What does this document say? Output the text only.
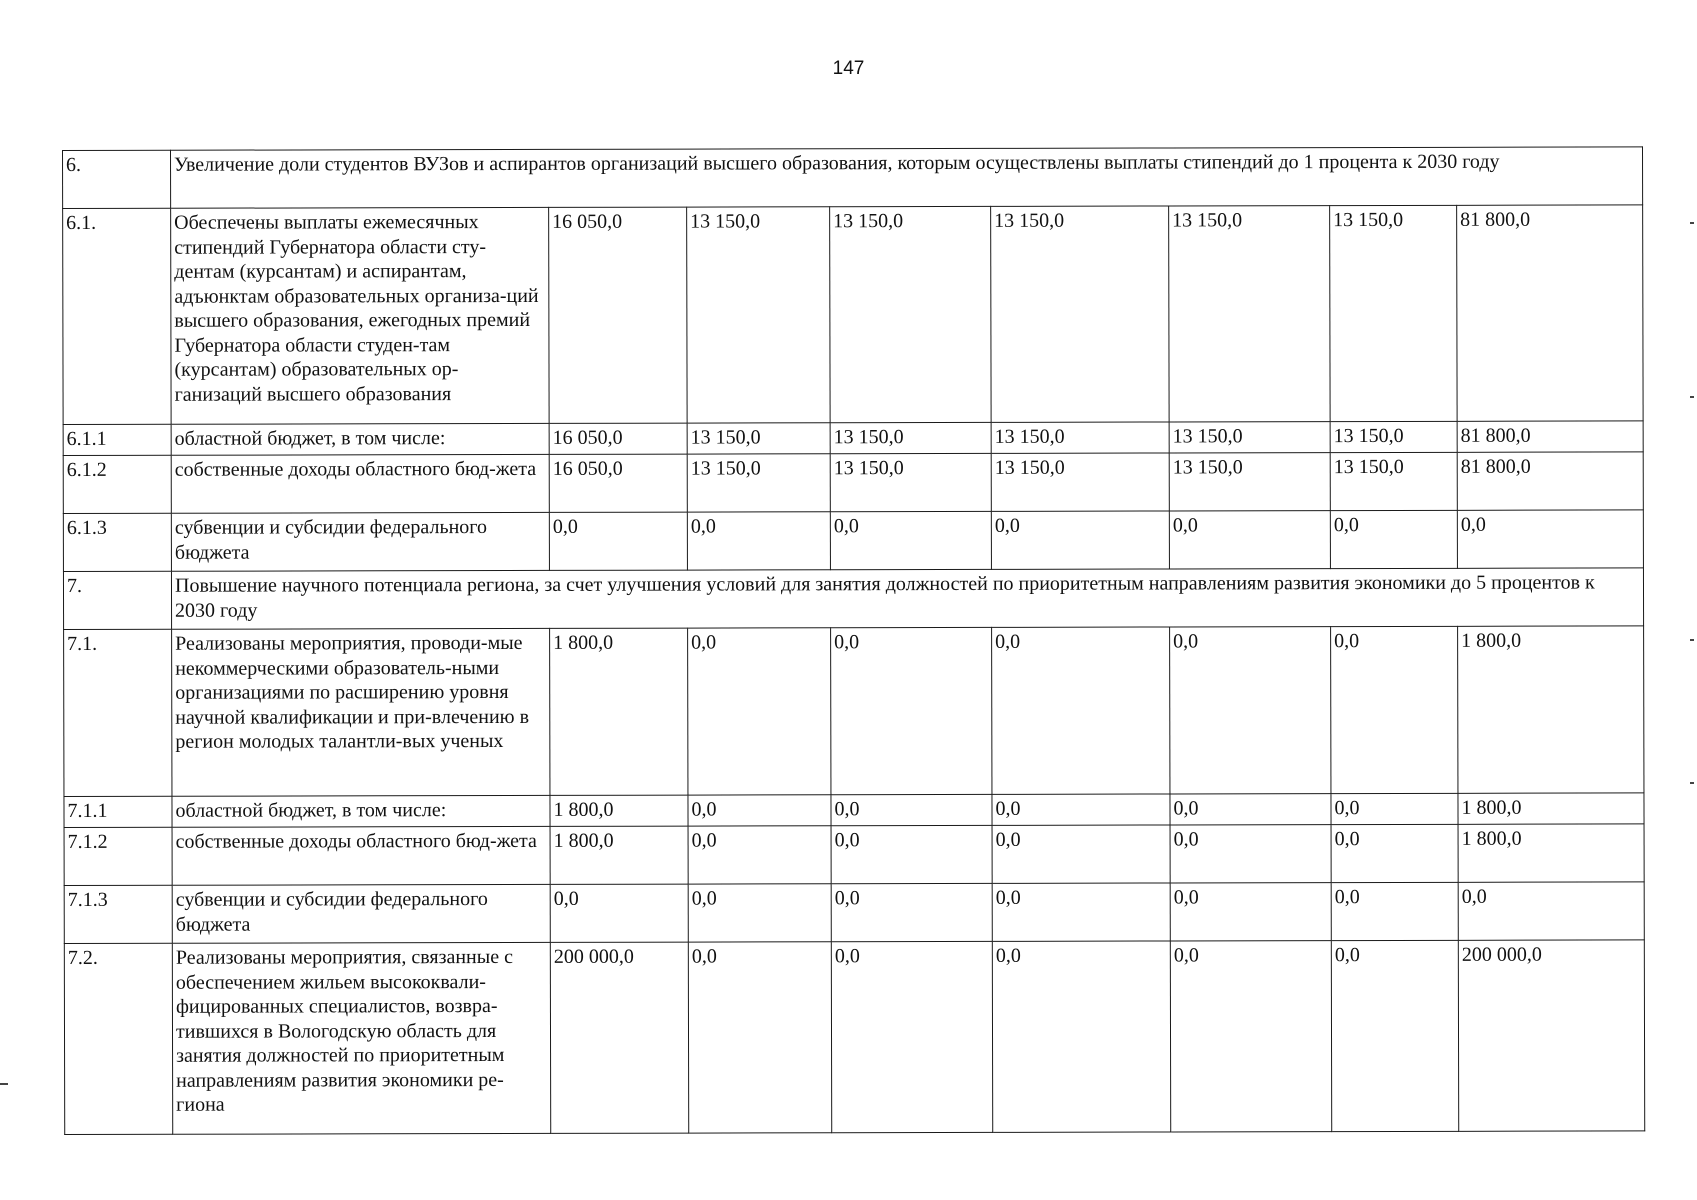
147
6.	Увеличение доли студентов ВУЗов и аспирантов организаций высшего образования, которым осуществлены выплаты стипендий до 1 процента к 2030 году							
6.1.	Обеспечены выплаты ежемесячных стипендий Губернатора области сту-дентам (курсантам) и аспирантам, адъюнктам образовательных организа-ций высшего образования, ежегодных премий Губернатора области студен-там (курсантам) образовательных ор-ганизаций высшего образования	16 050,0	13 150,0	13 150,0	13 150,0	13 150,0	13 150,0	81 800,0
6.1.1	областной бюджет, в том числе:	16 050,0	13 150,0	13 150,0	13 150,0	13 150,0	13 150,0	81 800,0
6.1.2	собственные доходы областного бюд-жета	16 050,0	13 150,0	13 150,0	13 150,0	13 150,0	13 150,0	81 800,0
6.1.3	субвенции и субсидии федерального бюджета	0,0	0,0	0,0	0,0	0,0	0,0	0,0
7.	Повышение научного потенциала региона, за счет улучшения условий для занятия должностей по приоритетным направлениям развития экономики до 5 процентов к 2030 году							
7.1.	Реализованы мероприятия, проводи-мые некоммерческими образователь-ными организациями по расширению уровня научной квалификации и при-влечению в регион молодых талантли-вых ученых	1 800,0	0,0	0,0	0,0	0,0	0,0	1 800,0
7.1.1	областной бюджет, в том числе:	1 800,0	0,0	0,0	0,0	0,0	0,0	1 800,0
7.1.2	собственные доходы областного бюд-жета	1 800,0	0,0	0,0	0,0	0,0	0,0	1 800,0
7.1.3	субвенции и субсидии федерального бюджета	0,0	0,0	0,0	0,0	0,0	0,0	0,0
7.2.	Реализованы мероприятия, связанные с обеспечением жильем высококвали-фицированных специалистов, возвра-тившихся в Вологодскую область для занятия должностей по приоритетным направлениям развития экономики ре-гиона	200 000,0	0,0	0,0	0,0	0,0	0,0	200 000,0
